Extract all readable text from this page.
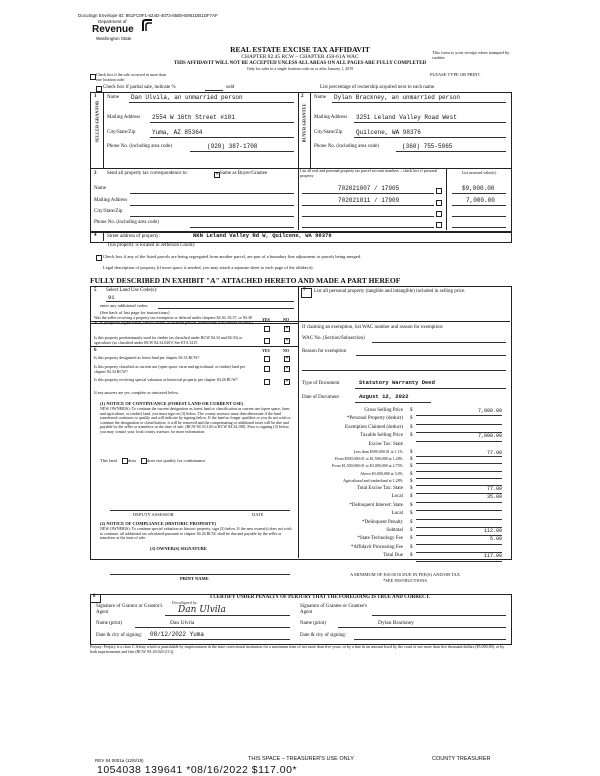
DocuSign Envelope ID: 851FC8F1-524D-4073-85B9-B961DB1DF7AF
Department of
Revenue
Washington State
REAL ESTATE EXCISE TAX AFFIDAVIT
CHAPTER 82.45 RCW – CHAPTER 458-61A WAC
THIS AFFIDAVIT WILL NOT BE ACCEPTED UNLESS ALL AREAS ON ALL PAGES ARE FULLY COMPLETED
Only for sales in a single location code on or after January 1, 2019
This form is your receipt when stamped by cashier.
PLEASE TYPE OR PRINT
Check box if the sale occurred in more than one location code.
Check box if partial sale, indicate %	sold	List percentage of ownership acquired next to each name.
1
SELLER GRANTOR
Name Dan Ulvila, an unmarried person
Mailing Address 2554 W 16th Street #101
City/State/Zip	Yuma, AZ 85364
Phone No. (including area code)	(928) 387-1708
2
BUYER GRANTEE
Name Dylan Brackney, an unmarried person
Mailing Address 3251 Leland Valley Road West
City/State/Zip Quilcene, WA 98376
Phone No. (including area code)	(360) 755-5065
3 Send all property tax correspondence to:	✕ Same as Buyer/Grantee
Name
Mailing Address
City/State/Zip
Phone No. (including area code)
List all real and personal property tax parcel account numbers – check box if personal property
List assessed value(s)
702021007 / 17905	$9,000.00
702021011 / 17909	7,000.00
4 Street address of property:	NKN Leland Valley Rd W, Quilcene, WA 98376
This property is located in Jefferson County
Check box if any of the listed parcels are being segregated from another parcel, are part of a boundary line adjustment or parcels being merged.
Legal description of property (if more space is needed, you may attach a separate sheet to each page of the affidavit)
FULLY DESCRIBED IN EXHIBIT "A" ATTACHED HERETO AND MADE A PART HEREOF
5 Select Land Use Code(s):
91
enter any additional codes:
(See back of last page for instructions)
Was the seller receiving a property tax exemption or deferral under chapters 84.36, 84.37, or 84.38 RCW (nonprofit organization, senior citizen, or disabled person, homeowner with limited income)?
YES	NO
✕
Is this property predominantly used for timber (as classified under RCW 84.34 and 84.33) or agriculture (as classified under RCW 84.34.020)? See ETA 3215	✕
6	YES	NO
Is this property designated as forest land per chapter 84.33 RCW?	✕
Is this property classified as current use (open space, farm and agricultural, or timber) land per chapter 84.34 RCW?
✕
Is this property receiving special valuation as historical property per chapter 84.26 RCW?	✕
If any answers are yes, complete as instructed below.
(1) NOTICE OF CONTINUANCE (FOREST LAND OR CURRENT USE)
NEW OWNER(S): To continue the current designation as forest land or classification as current use (open space, farm and agriculture, or timber) land, you must sign on (3) below. The county assessor must then determine if the land transferred continues to qualify and will indicate by signing below. If the land no longer qualifies or you do not wish to continue the designation or classification, it will be removed and the compensating or additional taxes will be due and payable by the seller or transferor at the time of sale. (RCW 84.33.140 or RCW 84.34.108). Prior to signing (3) below, you may contact your local county assessor for more information.
This land does does not qualify for continuance.
DEPUTY ASSESSOR	DATE
(2) NOTICE OF COMPLIANCE (HISTORIC PROPERTY)
NEW OWNER(S): To continue special valuation as historic property, sign (3) below. If the new owner(s) does not wish to continue, all additional tax calculated pursuant to chapter 84.26 RCW, shall be due and payable by the seller or transferor at the time of sale.
(3) OWNER(S) SIGNATURE
PRINT NAME
7 List all personal property (tangible and intangible) included in selling price.
If claiming an exemption, list WAC number and reason for exemption:
WAC No. (Section/Subsection)
Reason for exemption
Type of Document	Statutory Warranty Deed
Date of Document	August 12, 2022
Gross Selling Price $	7,000.00
*Personal Property (deduct) $
Exemption Claimed (deduct) $
Taxable Selling Price $	7,000.00
Excise Tax: State
Less than $500,000.01 at 1.1% $	77.00
From $500,000.01 to $1,500,000 at 1.28% $
From $1,500,000.01 to $3,000,000 at 2.75% $
Above $3,000,000 at 3.0% $
Agricultural and timberland at 1.28% $
Total Excise Tax: State $	77.00
Local $	35.00
*Delinquent Interest: State $
Local $
*Delinquent Penalty $
Subtotal $	112.00
*State Technology Fee $	5.00
*Affidavit Processing Fee $
Total Due $	117.00
A MINIMUM OF $10.00 IS DUE IN FEE(S) AND/OR TAX
*SEE INSTRUCTIONS
8	I CERTIFY UNDER PENALTY OF PERJURY THAT THE FOREGOING IS TRUE AND CORRECT.
Signature of Grantor or Grantor's Agent
DocuSigned by:
Dan Ulvila	Signature of Grantee or Grantee's Agent
Name (print)	Dan Ulvila	Name (print)	Dylan Brackney
Date & city of signing: 08/12/2022 Yuma	Date & city of signing:
Perjury: Perjury is a class C felony which is punishable by imprisonment in the state correctional institution for a maximum term of not more than five years, or by a fine in an amount fixed by the court of not more than five thousand dollars ($5,000.00), or by both imprisonment and fine (RCW 9A.20.020 (1C)).
REV 84 0001a (12/6/19)	THIS SPACE – TREASURER'S USE ONLY	COUNTY TREASURER
1054038 139641 *08/16/2022 $117.00*
